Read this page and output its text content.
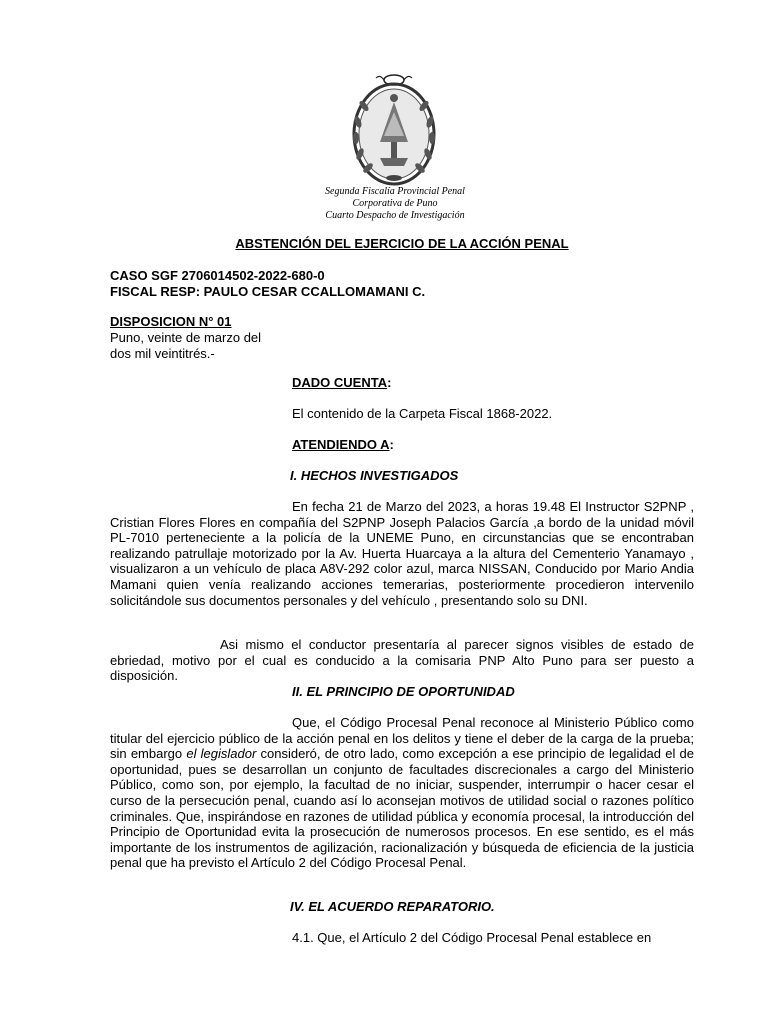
Segunda Fiscalía Provincial Penal
Corporativa de Puno
Cuarto Despacho de Investigación
ABSTENCIÓN DEL EJERCICIO DE LA ACCIÓN PENAL
CASO SGF 2706014502-2022-680-0
FISCAL RESP: PAULO CESAR CCALLOMAMANI C.
DISPOSICION N° 01
Puno, veinte de marzo del
dos mil veintitrés.-
DADO CUENTA:
El contenido de la Carpeta Fiscal 1868-2022.
ATENDIENDO A:
I. HECHOS INVESTIGADOS

En fecha 21 de Marzo del 2023, a horas 19.48 El Instructor S2PNP , Cristian Flores Flores en compañía del S2PNP Joseph Palacios García ,a bordo de la unidad móvil PL-7010 perteneciente a la policía de la UNEME Puno, en circunstancias que se encontraban realizando patrullaje motorizado por la Av. Huerta Huarcaya a la altura del Cementerio Yanamayo , visualizaron a un vehículo de placa A8V-292 color azul, marca NISSAN, Conducido por Mario Andia Mamani quien venía realizando acciones temerarias, posteriormente procedieron intervenilo solicitándole sus documentos personales y del vehículo , presentando solo su DNI.

Asi mismo el conductor presentaría al parecer signos visibles de estado de ebriedad, motivo por el cual es conducido a la comisaria PNP Alto Puno para ser puesto a disposición.

II. EL PRINCIPIO DE OPORTUNIDAD

Que, el Código Procesal Penal reconoce al Ministerio Público como titular del ejercicio público de la acción penal en los delitos y tiene el deber de la carga de la prueba; sin embargo el legislador consideró, de otro lado, como excepción a ese principio de legalidad el de oportunidad, pues se desarrollan un conjunto de facultades discrecionales a cargo del Ministerio Público, como son, por ejemplo, la facultad de no iniciar, suspender, interrumpir o hacer cesar el curso de la persecución penal, cuando así lo aconsejan motivos de utilidad social o razones político criminales. Que, inspirándose en razones de utilidad pública y economía procesal, la introducción del Principio de Oportunidad evita la prosecución de numerosos procesos. En ese sentido, es el más importante de los instrumentos de agilización, racionalización y búsqueda de eficiencia de la justicia penal que ha previsto el Artículo 2 del Código Procesal Penal.

IV. EL ACUERDO REPARATORIO.

4.1. Que, el Artículo 2 del Código Procesal Penal establece en
